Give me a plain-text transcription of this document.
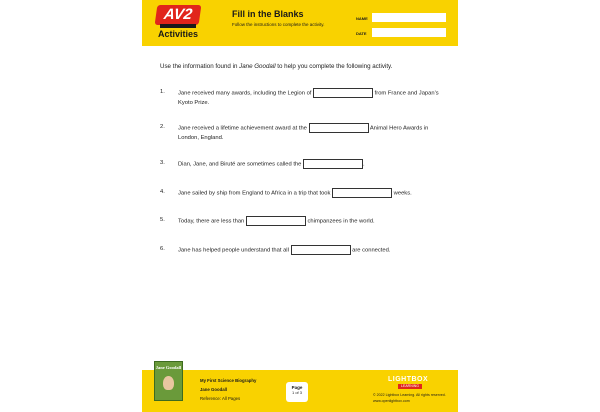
AV2
Activities
Fill in the Blanks
Follow the instructions to complete the activity.
NAME
DATE
Use the information found in Jane Goodall to help you complete the following activity.
1. Jane received many awards, including the Legion of	from France and Japan's Kyoto Prize.
2. Jane received a lifetime achievement award at the	Animal Hero Awards in London, England.
3. Dian, Jane, and Biruté are sometimes called the	.
4. Jane sailed by ship from England to Africa in a trip that took	weeks.
5. Today, there are less than	chimpanzees in the world.
6. Jane has helped people understand that all	are connected.
Jane Goodall
My First Science Biography
Jane Goodall
Reference: All Pages
Page
1 of 3
LIGHTBOX
LEARNING
© 2022 Lightbox Learning. All rights reserved.
www.openlightbox.com
